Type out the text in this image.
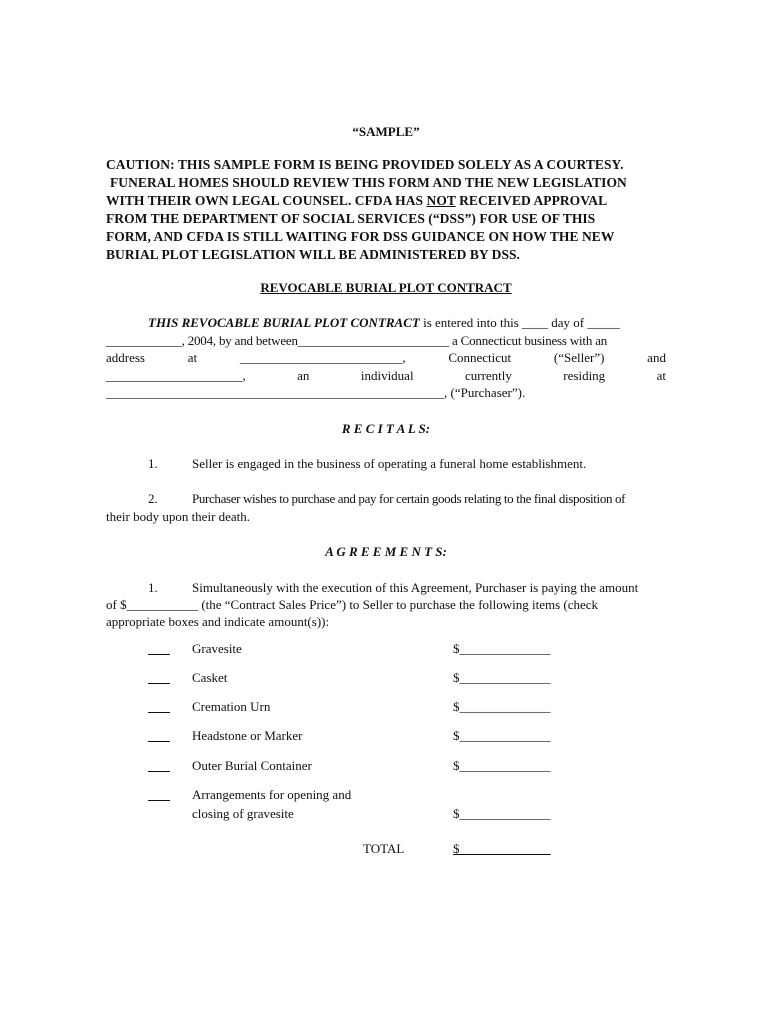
“SAMPLE”
CAUTION: THIS SAMPLE FORM IS BEING PROVIDED SOLELY AS A COURTESY.
FUNERAL HOMES SHOULD REVIEW THIS FORM AND THE NEW LEGISLATION
WITH THEIR OWN LEGAL COUNSEL. CFDA HAS NOT RECEIVED APPROVAL
FROM THE DEPARTMENT OF SOCIAL SERVICES (“DSS”) FOR USE OF THIS
FORM, AND CFDA IS STILL WAITING FOR DSS GUIDANCE ON HOW THE NEW
BURIAL PLOT LEGISLATION WILL BE ADMINISTERED BY DSS.
REVOCABLE BURIAL PLOT CONTRACT
THIS REVOCABLE BURIAL PLOT CONTRACT is entered into this ____ day of _____
____________, 2004, by and between________________________ a Connecticut business with an
address	at	_________________________,	Connecticut	(“Seller”)	and
_____________________,	an	individual	currently	residing	at
____________________________________________________, (“Purchaser”).
R E C I T A L S:
1.	Seller is engaged in the business of operating a funeral home establishment.
2.	Purchaser wishes to purchase and pay for certain goods relating to the final disposition of
their body upon their death.
A G R E E M E N T S:
1.	Simultaneously with the execution of this Agreement, Purchaser is paying the amount
of $___________ (the “Contract Sales Price”) to Seller to purchase the following items (check
appropriate boxes and indicate amount(s)):
Gravesite	$______________
Casket	$______________
Cremation Urn	$______________
Headstone or Marker	$______________
Outer Burial Container	$______________
Arrangements for opening and
closing of gravesite	$______________
TOTAL	$______________
